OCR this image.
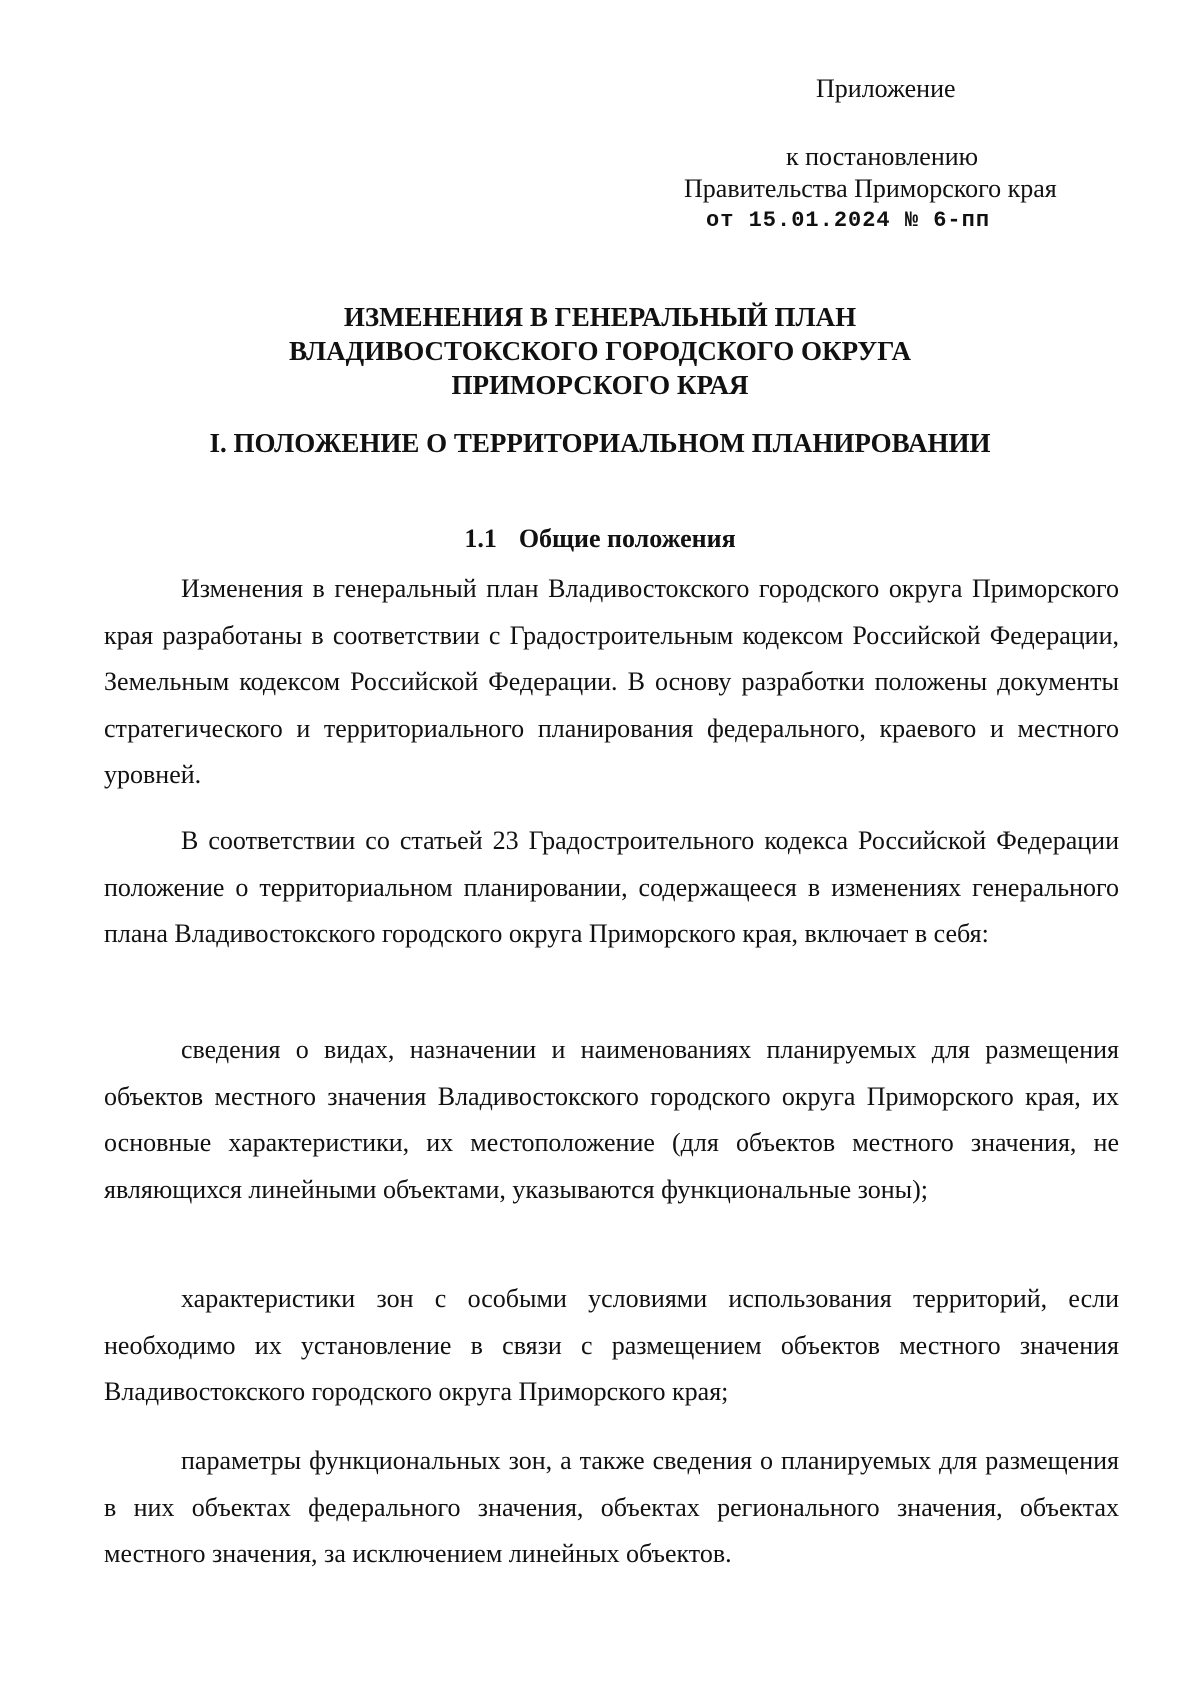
Приложение
к постановлению
Правительства Приморского края
от 15.01.2024 № 6-пп
ИЗМЕНЕНИЯ В ГЕНЕРАЛЬНЫЙ ПЛАН
ВЛАДИВОСТОКСКОГО ГОРОДСКОГО ОКРУГА
ПРИМОРСКОГО КРАЯ
I. ПОЛОЖЕНИЕ О ТЕРРИТОРИАЛЬНОМ ПЛАНИРОВАНИИ
1.1 Общие положения

Изменения в генеральный план Владивостокского городского округа Приморского края разработаны в соответствии с Градостроительным кодексом Российской Федерации, Земельным кодексом Российской Федерации. В основу разработки положены документы стратегического и территориального планирования федерального, краевого и местного уровней.

В соответствии со статьей 23 Градостроительного кодекса Российской Федерации положение о территориальном планировании, содержащееся в изменениях генерального плана Владивостокского городского округа Приморского края, включает в себя:

сведения о видах, назначении и наименованиях планируемых для размещения объектов местного значения Владивостокского городского округа Приморского края, их основные характеристики, их местоположение (для объектов местного значения, не являющихся линейными объектами, указываются функциональные зоны);

характеристики зон с особыми условиями использования территорий, если необходимо их установление в связи с размещением объектов местного значения Владивостокского городского округа Приморского края;

параметры функциональных зон, а также сведения о планируемых для размещения в них объектах федерального значения, объектах регионального значения, объектах местного значения, за исключением линейных объектов.
